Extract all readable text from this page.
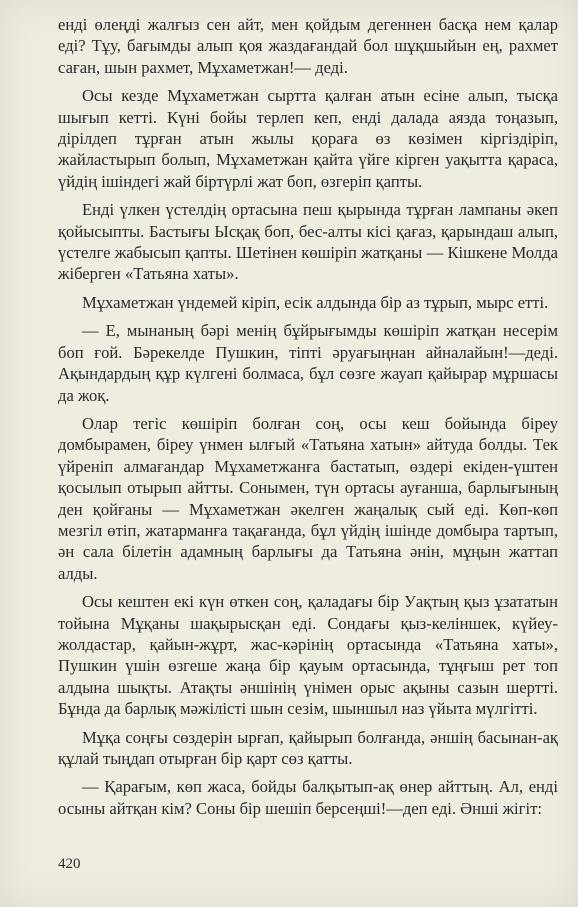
енді өлеңді жалғыз сен айт, мен қойдым дегеннен басқа нем қалар еді? Тұу, бағымды алып қоя жаздағандай бол шұқшыйын ең, рахмет саған, шын рахмет, Мұхаметжан!— деді.

Осы кезде Мұхаметжан сыртта қалған атын есіне алып, тысқа шығып кетті. Күні бойы терлеп кеп, енді далада аязда тоңазып, дірілдеп тұрған атын жылы қораға өз көзімен кіргіздіріп, жайластырып болып, Мұхаметжан қайта үйге кірген уақытта қараса, үйдің ішіндегі жай біртүрлі жат боп, өзгеріп қапты.

Енді үлкен үстелдің ортасына пеш қырында тұрған лампаны әкеп қойысыпты. Бастығы Ысқақ боп, бес-алты кісі қағаз, қарындаш алып, үстелге жабысып қапты. Шетінен көшіріп жатқаны — Кішкене Молда жіберген «Татьяна хаты».

Мұхаметжан үндемей кіріп, есік алдында бір аз тұрып, мырс етті.

— Е, мынаның бәрі менің бұйрығымды көшіріп жатқан несерім боп ғой. Бәрекелде Пушкин, тіпті әруағыңнан айналайын!—деді. Ақындардың құр күлгені болмаса, бұл сөзге жауап қайырар мұршасы да жоқ.

Олар тегіс көшіріп болған соң, осы кеш бойында біреу домбырамен, біреу үнмен ылғый «Татьяна хатын» айтуда болды. Тек үйреніп алмағандар Мұхаметжанға бастатып, өздері екіден-үштен қосылып отырып айтты. Сонымен, түн ортасы ауғанша, барлығының ден қойғаны — Мұхаметжан әкелген жаңалық сый еді. Көп-көп мезгіл өтіп, жатарманға тақағанда, бұл үйдің ішінде домбыра тартып, ән сала білетін адамның барлығы да Татьяна әнін, мұңын жаттап алды.

Осы кештен екі күн өткен соң, қаладағы бір Уақтың қыз ұзататын тойына Мұқаны шақырысқан еді. Сондағы қыз-келіншек, күйеу-жолдастар, қайын-жұрт, жас-кәрінің ортасында «Татьяна хаты», Пушкин үшін өзгеше жаңа бір қауым ортасында, тұңғыш рет топ алдына шықты. Атақты әншінің үнімен орыс ақыны сазын шертті. Бұнда да барлық мәжілісті шын сезім, шыншыл наз үйыта мүлгітті.

Мұқа соңғы сөздерін ырғап, қайырып болғанда, әншің басынан-ақ құлай тыңдап отырған бір қарт сөз қатты.

— Қарағым, көп жаса, бойды балқытып-ақ өнер айттың. Ал, енді осыны айтқан кім? Соны бір шешіп берсеңші!—деп еді. Әнші жігіт:

420
